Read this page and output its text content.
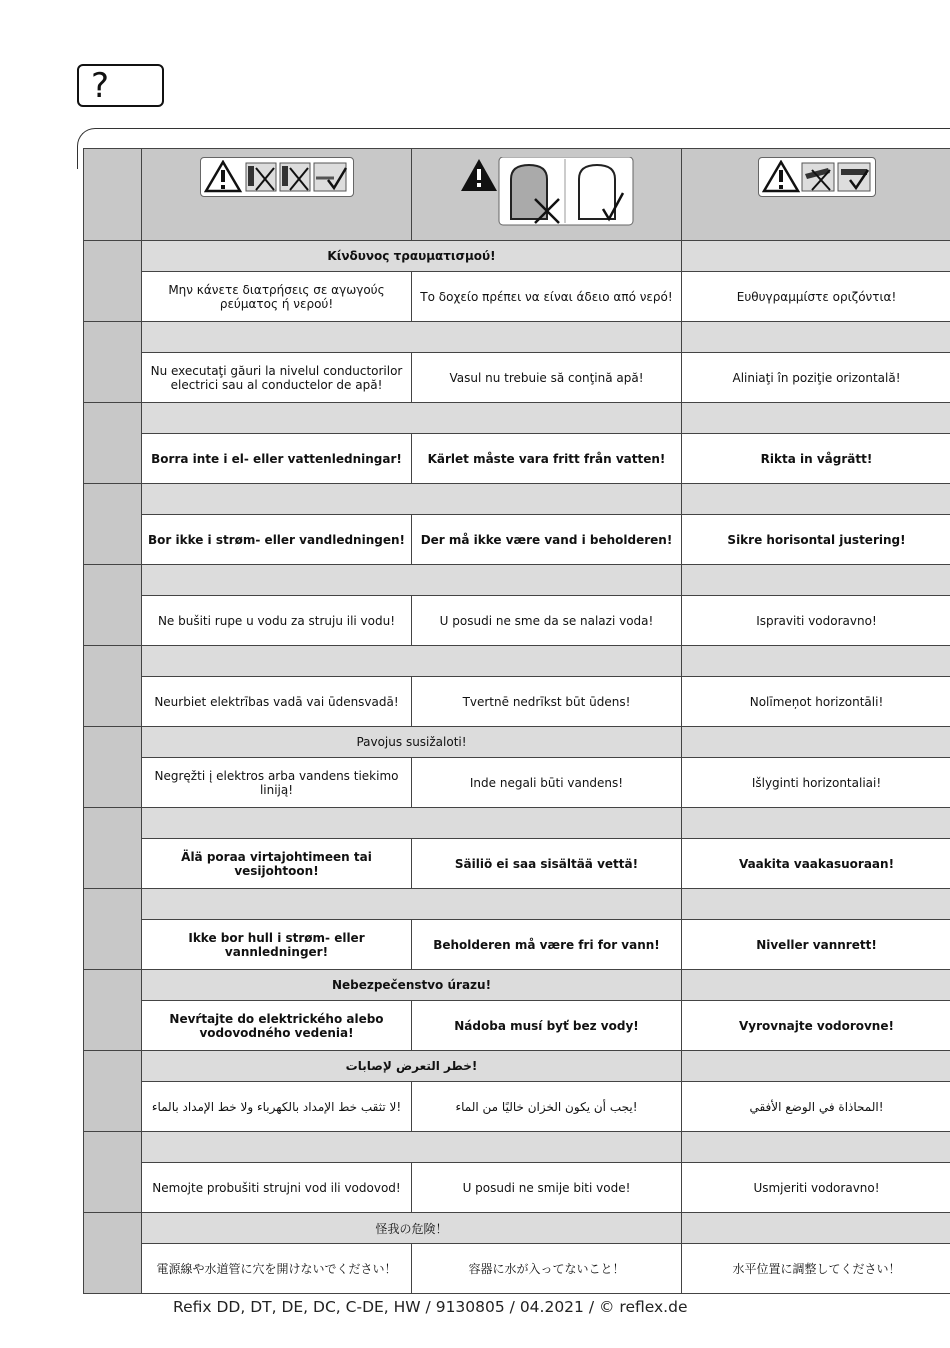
?

	Κίνδυνος τραυματισμού!		
	Μην κάνετε διατρήσεις σε αγωγούς ρεύματος ή νερού!	Το δοχείο πρέπει να είναι άδειο από νερό!	Ευθυγραμμίστε οριζόντια!

	Nu executaţi găuri la nivelul conductorilor electrici sau al conductelor de apă!	Vasul nu trebuie să conţină apă!	Aliniaţi în poziţie orizontală!

	Borra inte i el- eller vattenledningar!	Kärlet måste vara fritt från vatten!	Rikta in vågrätt!

	Bor ikke i strøm- eller vandledningen!	Der må ikke være vand i beholderen!	Sikre horisontal justering!

	Ne bušiti rupe u vodu za struju ili vodu!	U posudi ne sme da se nalazi voda!	Ispraviti vodoravno!

	Neurbiet elektrības vadā vai ūdensvadā!	Tvertnē nedrīkst būt ūdens!	Nolīmeņot horizontāli!
	Pavojus susižaloti!		
	Negręžti į elektros arba vandens tiekimo liniją!	Inde negali būti vandens!	Išlyginti horizontaliai!

	Älä poraa virtajohtimeen tai vesijohtoon!	Säiliö ei saa sisältää vettä!	Vaakita vaakasuoraan!

	Ikke bor hull i strøm- eller vannledninger!	Beholderen må være fri for vann!	Niveller vannrett!
	Nebezpečenstvo úrazu!		
	Nevŕtajte do elektrického alebo vodovodného vedenia!	Nádoba musí byť bez vody!	Vyrovnajte vodorovne!
	خطر التعرض لإصابات!		
	لا تثقب خط الإمداد بالكهرباء ولا خط الإمداد بالماء!	يجب أن يكون الخزان خاليًا من الماء!	المحاذاة في الوضع الأفقي!

	Nemojte probušiti strujni vod ili vodovod!	U posudi ne smije biti vode!	Usmjeriti vodoravno!
	怪我の危険！		
	電源線や水道管に穴を開けないでください！	容器に水が入ってないこと！	水平位置に調整してください！
Refix DD, DT, DE, DC, C-DE, HW / 9130805 / 04.2021 / © reflex.de
